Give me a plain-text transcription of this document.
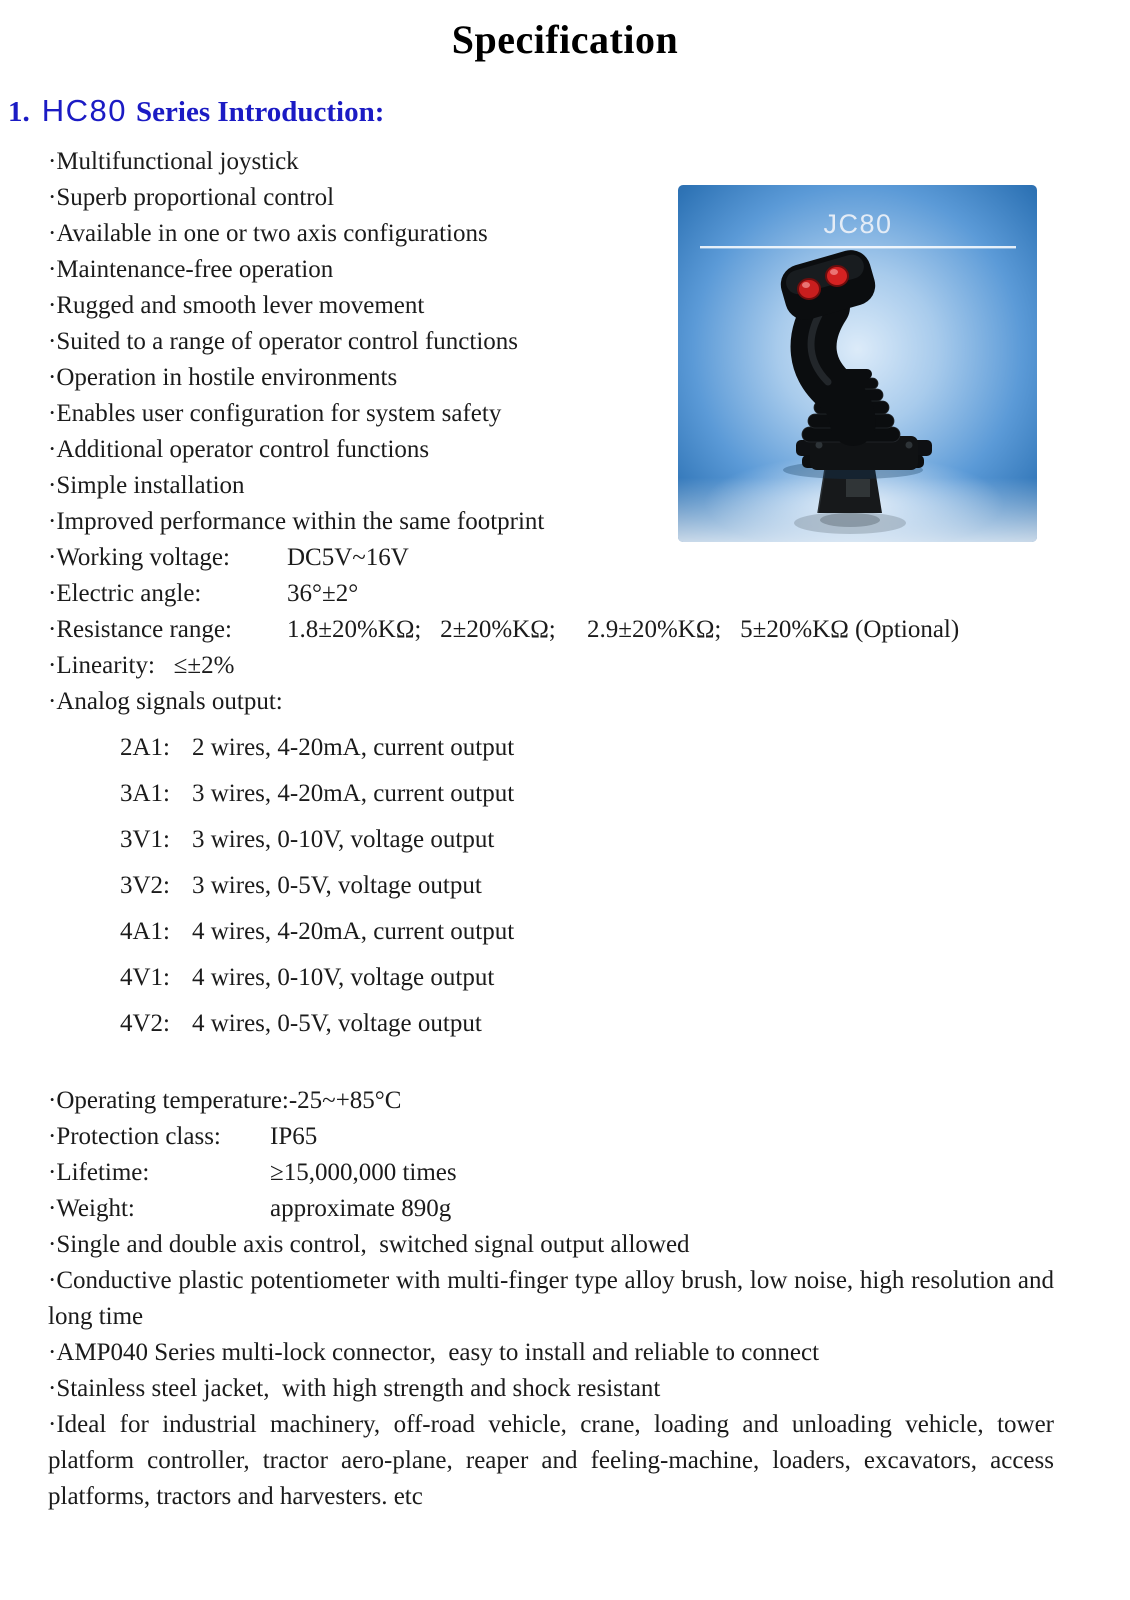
Specification
1. HC80 Series Introduction:
·Multifunctional joystick
·Superb proportional control
·Available in one or two axis configurations
·Maintenance-free operation
·Rugged and smooth lever movement
·Suited to a range of operator control functions
·Operation in hostile environments
·Enables user configuration for system safety
·Additional operator control functions
·Simple installation
·Improved performance within the same footprint
·Working voltage: DC5V~16V
·Electric angle:	36°±2°
·Resistance range: 1.8±20%KΩ;   2±20%KΩ;     2.9±20%KΩ;   5±20%KΩ (Optional)
·Linearity:   ≤±2%
·Analog signals output:
2A1: 2 wires, 4-20mA, current output
3A1: 3 wires, 4-20mA, current output
3V1: 3 wires, 0-10V, voltage output
3V2: 3 wires, 0-5V, voltage output
4A1: 4 wires, 4-20mA, current output
4V1: 4 wires, 0-10V, voltage output
4V2: 4 wires, 0-5V, voltage output
·Operating temperature:-25~+85°C
·Protection class: IP65
·Lifetime:	≥15,000,000 times
·Weight:	approximate 890g

·Single and double axis control,  switched signal output allowed

·Conductive plastic potentiometer with multi-finger type alloy brush, low noise, high resolution and long time

·AMP040 Series multi-lock connector,  easy to install and reliable to connect

·Stainless steel jacket,  with high strength and shock resistant

·Ideal for industrial machinery, off-road vehicle, crane, loading and unloading vehicle, tower platform controller, tractor aero-plane, reaper and feeling-machine, loaders, excavators, access platforms, tractors and harvesters. etc

JC80
